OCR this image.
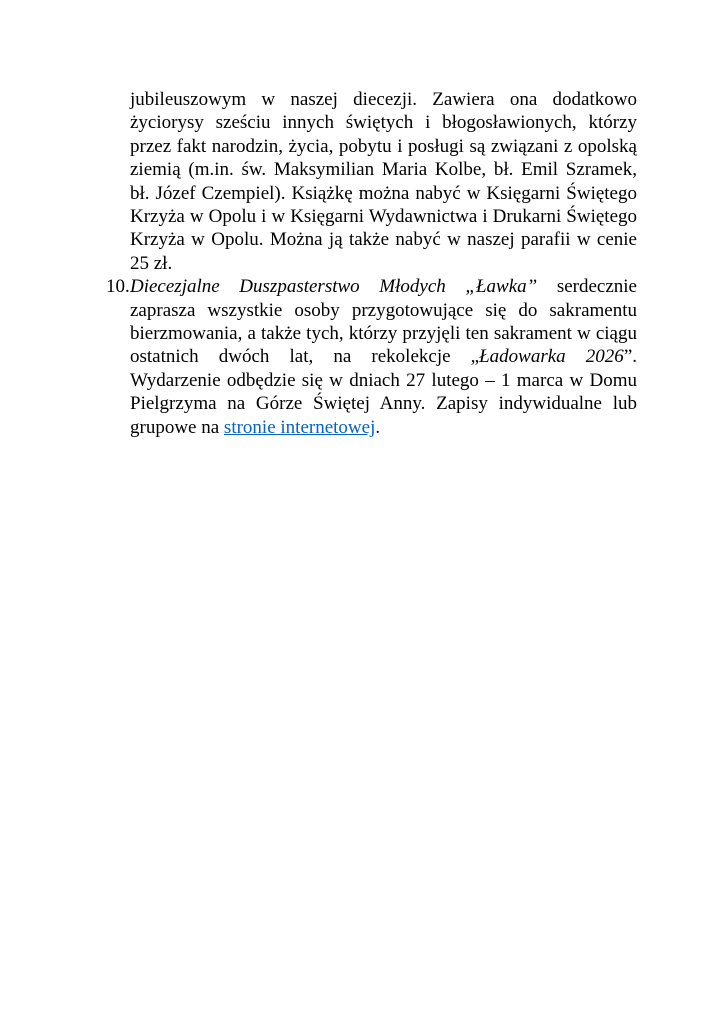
jubileuszowym w naszej diecezji. Zawiera ona dodatkowo życiorysy sześciu innych świętych i błogosławionych, którzy przez fakt narodzin, życia, pobytu i posługi są związani z opolską ziemią (m.in. św. Maksymilian Maria Kolbe, bł. Emil Szramek, bł. Józef Czempiel). Książkę można nabyć w Księgarni Świętego Krzyża w Opolu i w Księgarni Wydawnictwa i Drukarni Świętego Krzyża w Opolu. Można ją także nabyć w naszej parafii w cenie 25 zł.

10. Diecezjalne Duszpasterstwo Młodych „Ławka” serdecznie zaprasza wszystkie osoby przygotowujące się do sakramentu bierzmowania, a także tych, którzy przyjęli ten sakrament w ciągu ostatnich dwóch lat, na rekolekcje „Ładowarka 2026”. Wydarzenie odbędzie się w dniach 27 lutego – 1 marca w Domu Pielgrzyma na Górze Świętej Anny. Zapisy indywidualne lub grupowe na stronie internetowej.
